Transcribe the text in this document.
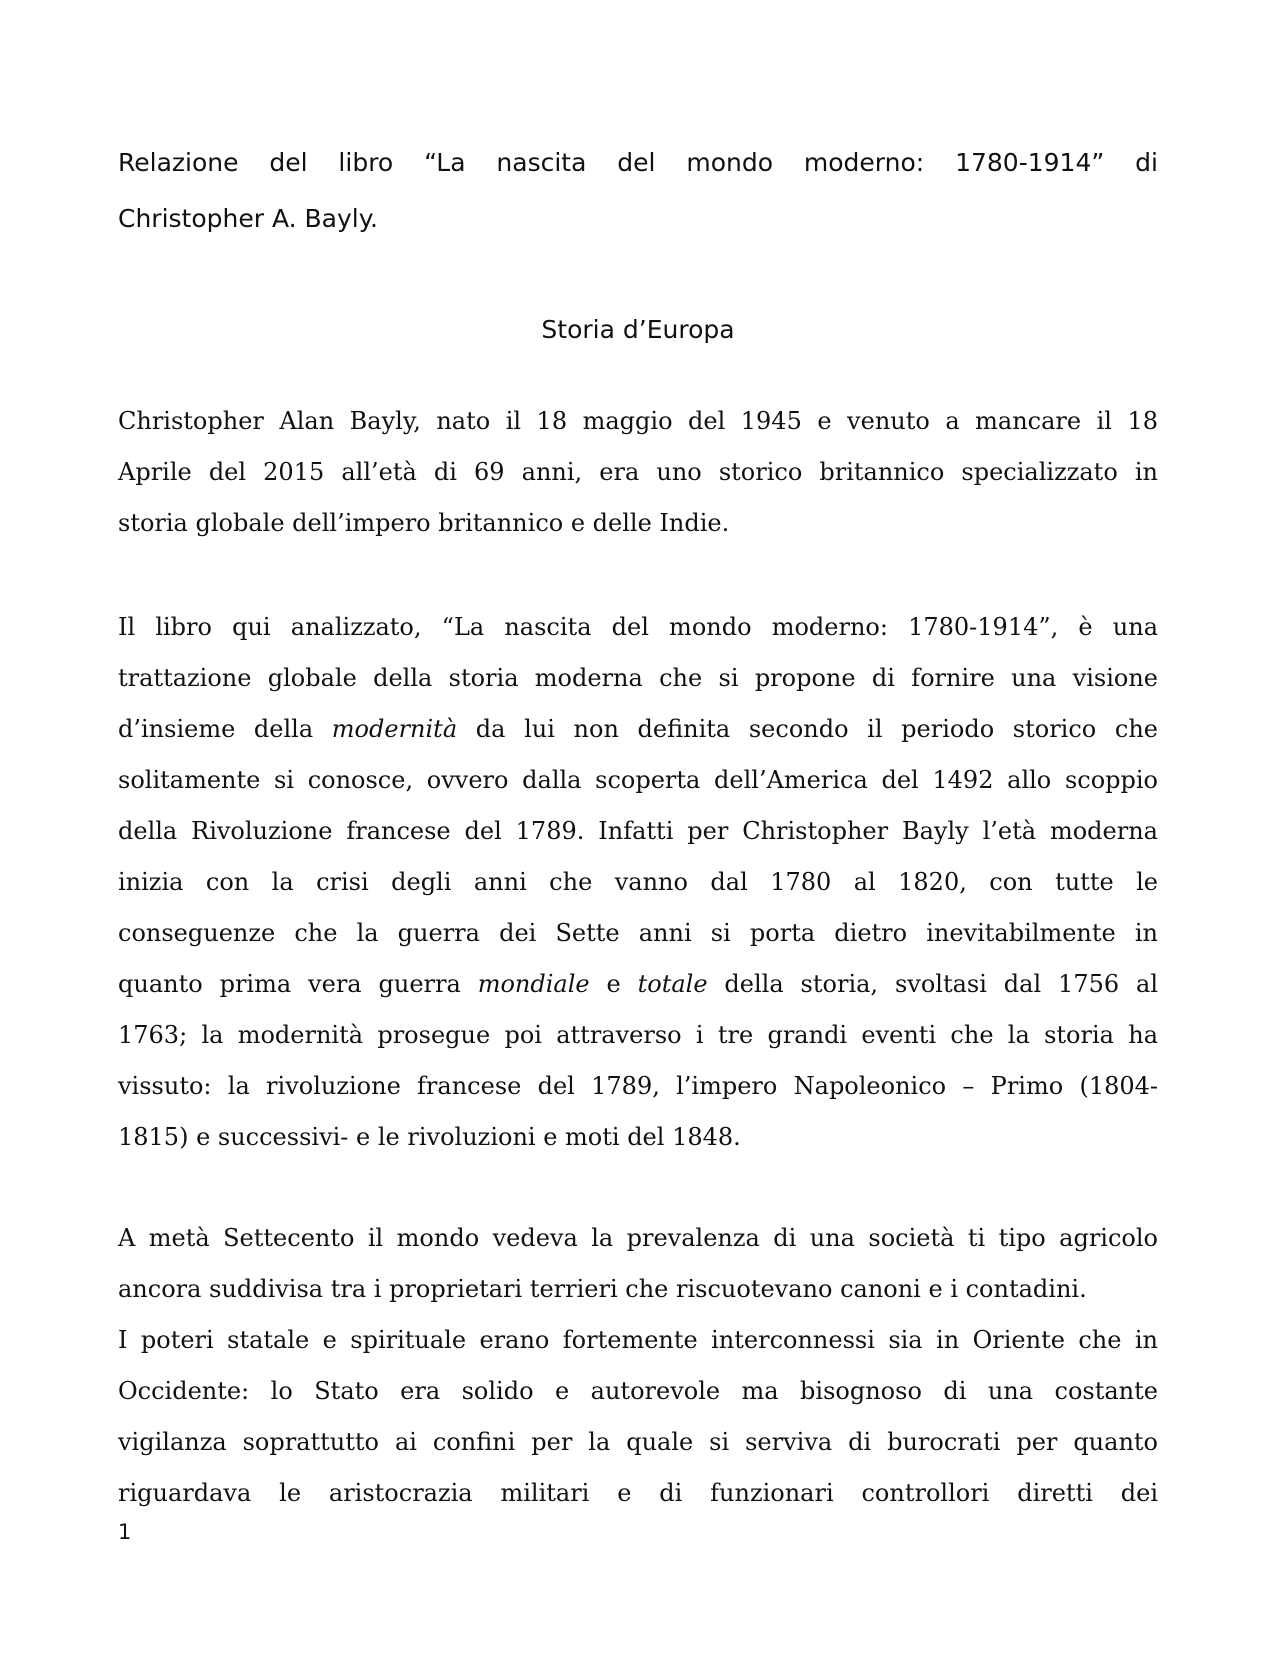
Relazione del libro “La nascita del mondo moderno: 1780-1914” di
Christopher A. Bayly.
Storia d’Europa

Christopher Alan Bayly, nato il 18 maggio del 1945 e venuto a mancare il 18
Aprile del 2015 all’età di 69 anni, era uno storico britannico specializzato in
storia globale dell’impero britannico e delle Indie.

Il libro qui analizzato, “La nascita del mondo moderno: 1780-1914”, è una
trattazione globale della storia moderna che si propone di fornire una visione
d’insieme della modernità da lui non definita secondo il periodo storico che
solitamente si conosce, ovvero dalla scoperta dell’America del 1492 allo scoppio
della Rivoluzione francese del 1789. Infatti per Christopher Bayly l’età moderna
inizia con la crisi degli anni che vanno dal 1780 al 1820, con tutte le
conseguenze che la guerra dei Sette anni si porta dietro inevitabilmente in
quanto prima vera guerra mondiale e totale della storia, svoltasi dal 1756 al
1763; la modernità prosegue poi attraverso i tre grandi eventi che la storia ha
vissuto: la rivoluzione francese del 1789, l’impero Napoleonico – Primo (1804-
1815) e successivi- e le rivoluzioni e moti del 1848.

A metà Settecento il mondo vedeva la prevalenza di una società ti tipo agricolo
ancora suddivisa tra i proprietari terrieri che riscuotevano canoni e i contadini.
I poteri statale e spirituale erano fortemente interconnessi sia in Oriente che in
Occidente: lo Stato era solido e autorevole ma bisognoso di una costante
vigilanza soprattutto ai confini per la quale si serviva di burocrati per quanto
riguardava le aristocrazia militari e di funzionari controllori diretti dei

1
